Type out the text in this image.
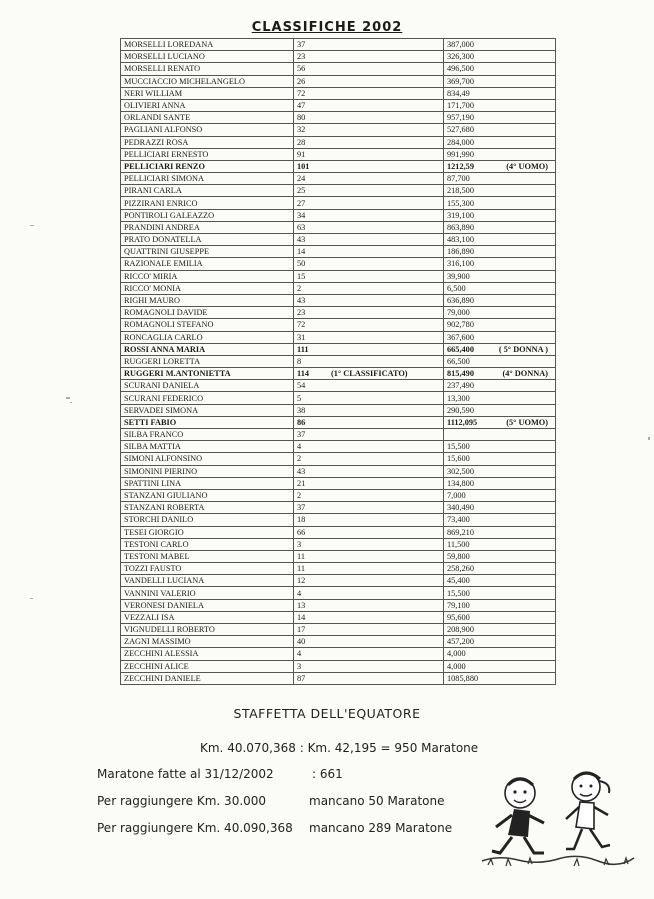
CLASSIFICHE 2002
MORSELLI LOREDANA	37	387,000
MORSELLI LUCIANO	23	326,300
MORSELLI RENATO	56	496,500
MUCCIACCIO MICHELANGELO	26	369,700
NERI WILLIAM	72	834,49
OLIVIERI ANNA	47	171,700
ORLANDI SANTE	80	957,190
PAGLIANI ALFONSO	32	527,680
PEDRAZZI ROSA	28	284,000
PELLICIARI ERNESTO	91	991,990
PELLICIARI RENZO	101	1212,59 (4° UOMO)

PELLICIARI SIMONA	24	87,700
PIRANI CARLA	25	218,500
PIZZIRANI ENRICO	27	155,300
PONTIROLI GALEAZZO	34	319,100
PRANDINI ANDREA	63	863,890
PRATO DONATELLA	43	483,100
QUATTRINI GIUSEPPE	14	186,890
RAZIONALE EMILIA	50	316,100
RICCO' MIRIA	15	39,900
RICCO' MONIA	2	6,500
RIGHI MAURO	43	636,890
ROMAGNOLI DAVIDE	23	79,000
ROMAGNOLI STEFANO	72	902,780
RONCAGLIA CARLO	31	367,600
ROSSI ANNA MARIA	111	665,400 ( 5° DONNA )

RUGGERI LORETTA	8	66,500
RUGGERI M.ANTONIETTA	114 (1° CLASSIFICATO)	815,490 (4° DONNA)

SCURANI DANIELA	54	237,490
SCURANI FEDERICO	5	13,300
SERVADEI SIMONA	38	290,590
SETTI FABIO	86	1112,095 (5° UOMO)

SILBA FRANCO	37	
SILBA MATTIA	4	15,500
SIMONI ALFONSINO	2	15,600
SIMONINI PIERINO	43	302,500
SPATTINI LINA	21	134,800
STANZANI GIULIANO	2	7,000
STANZANI ROBERTA	37	340,490
STORCHI DANILO	18	73,400
TESEI GIORGIO	66	869,210
TESTONI CARLO	3	11,500
TESTONI MABEL	11	59,800
TOZZI FAUSTO	11	258,260
VANDELLI LUCIANA	12	45,400
VANNINI VALERIO	4	15,500
VERONESI DANIELA	13	79,100
VEZZALI ISA	14	95,600
VIGNUDELLI ROBERTO	17	208,900
ZAGNI MASSIMO	40	457,200
ZECCHINI ALESSIA	4	4,000
ZECCHINI ALICE	3	4,000
ZECCHINI DANIELE	87	1085,880
STAFFETTA DELL'EQUATORE
Km. 40.070,368 : Km. 42,195 = 950 Maratone
Maratone fatte al 31/12/2002	: 661
Per raggiungere Km. 30.000	mancano 50 Maratone
Per raggiungere Km. 40.090,368 mancano 289 Maratone
